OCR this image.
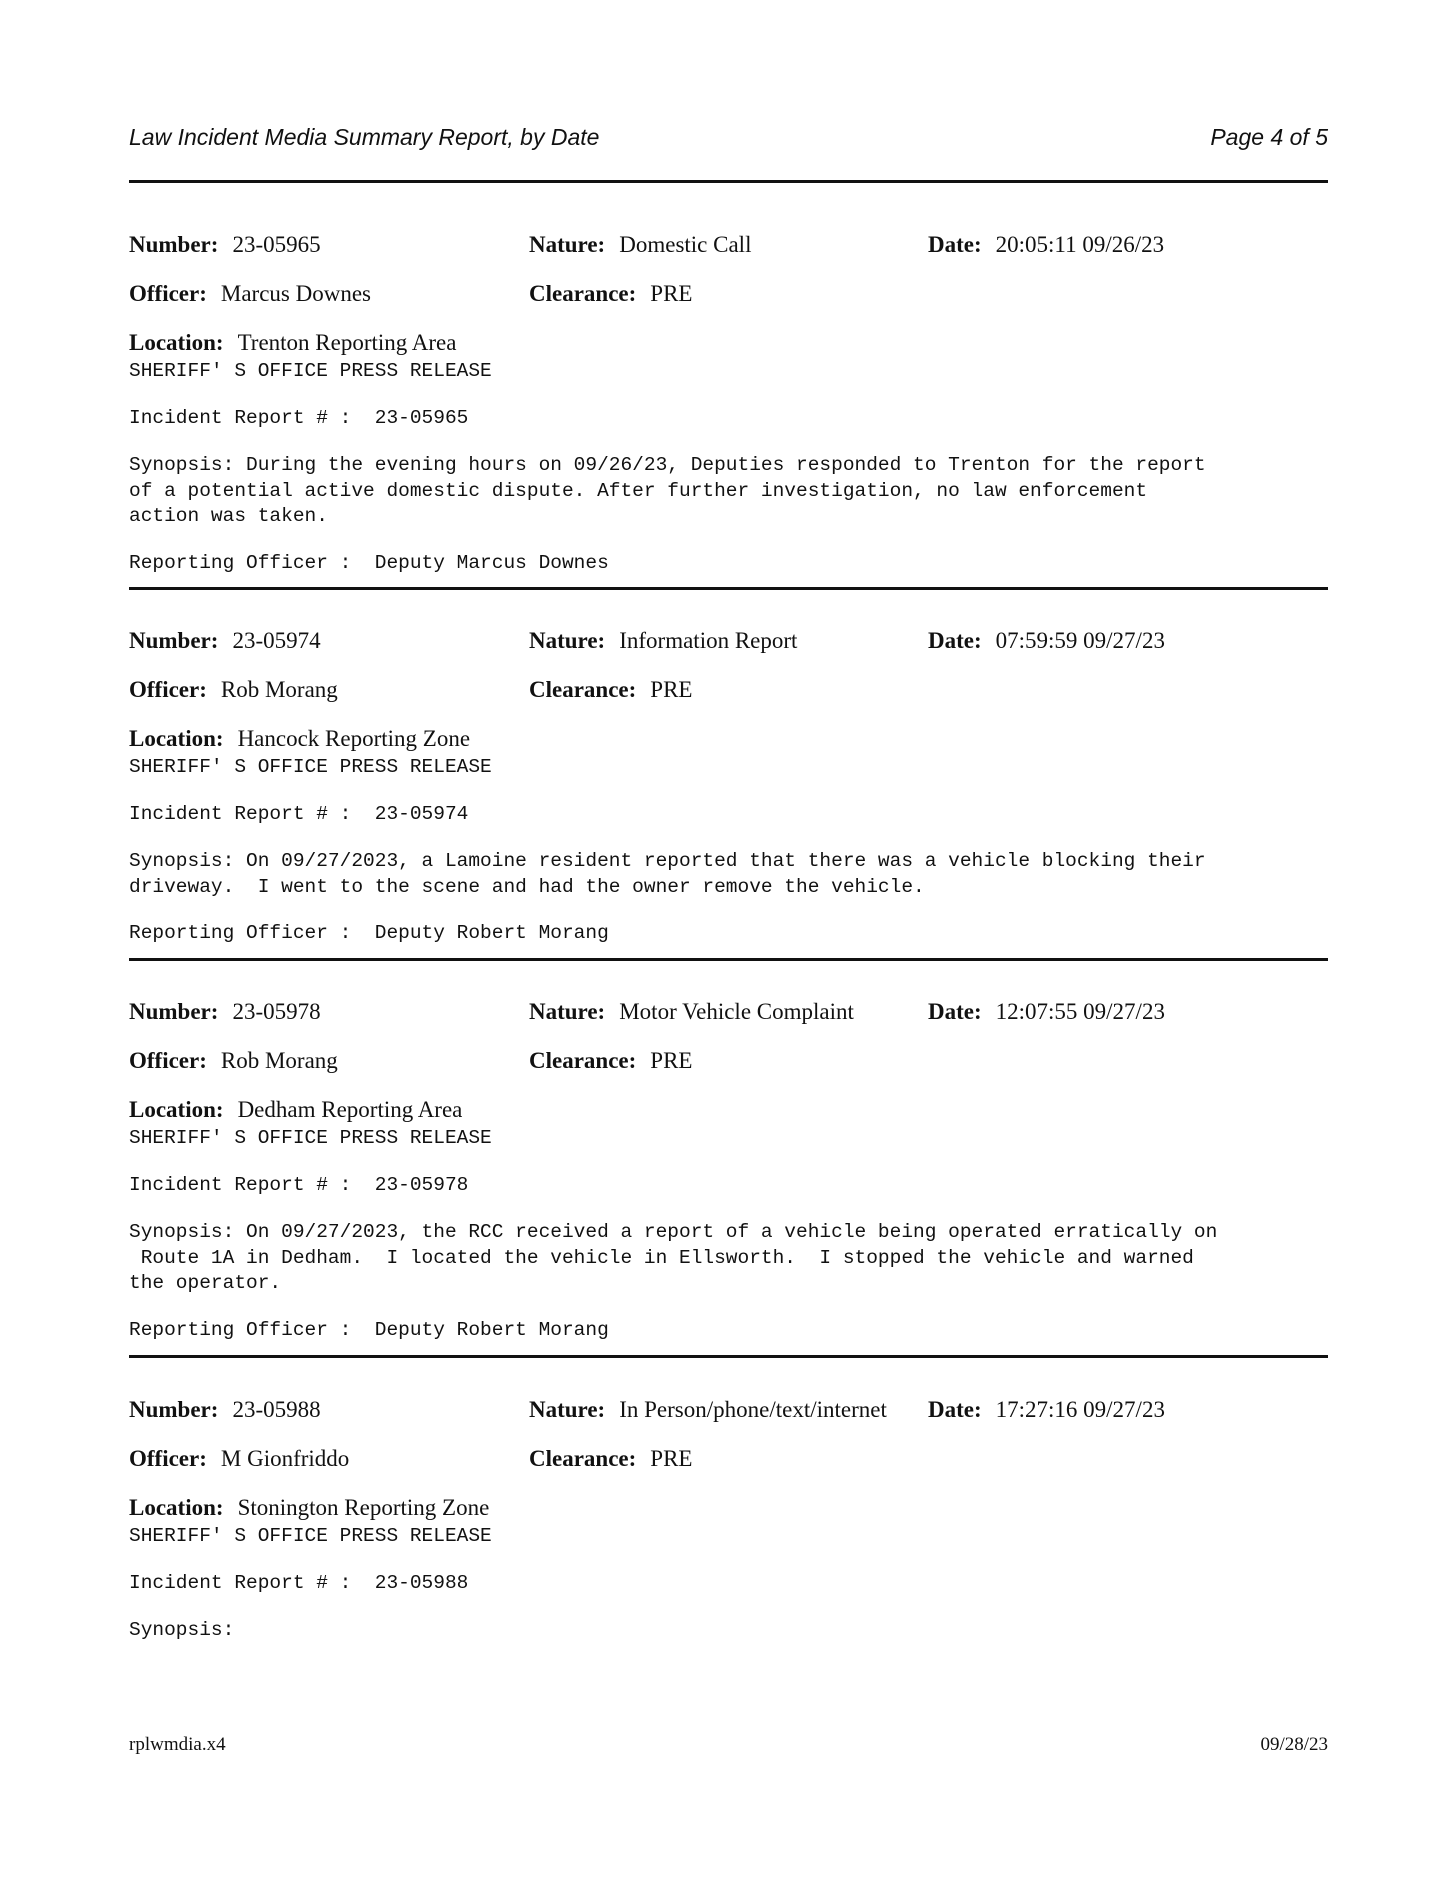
Law Incident Media Summary Report, by Date	Page 4 of 5
Number: 23-05965	Nature: Domestic Call	Date: 20:05:11 09/26/23
Officer: Marcus Downes	Clearance: PRE
Location: Trenton Reporting Area
SHERIFF' S OFFICE PRESS RELEASE
Incident Report # :  23-05965
Synopsis: During the evening hours on 09/26/23, Deputies responded to Trenton for the report
of a potential active domestic dispute. After further investigation, no law enforcement
action was taken.
Reporting Officer :  Deputy Marcus Downes
Number: 23-05974	Nature: Information Report	Date: 07:59:59 09/27/23
Officer: Rob Morang	Clearance: PRE
Location: Hancock Reporting Zone
SHERIFF' S OFFICE PRESS RELEASE
Incident Report # :  23-05974
Synopsis: On 09/27/2023, a Lamoine resident reported that there was a vehicle blocking their
driveway.  I went to the scene and had the owner remove the vehicle.
Reporting Officer :  Deputy Robert Morang
Number: 23-05978	Nature: Motor Vehicle Complaint	Date: 12:07:55 09/27/23
Officer: Rob Morang	Clearance: PRE
Location: Dedham Reporting Area
SHERIFF' S OFFICE PRESS RELEASE
Incident Report # :  23-05978
Synopsis: On 09/27/2023, the RCC received a report of a vehicle being operated erratically on
Route 1A in Dedham.  I located the vehicle in Ellsworth.  I stopped the vehicle and warned
the operator.
Reporting Officer :  Deputy Robert Morang
Number: 23-05988	Nature: In Person/phone/text/internet Date: 17:27:16 09/27/23
Officer: M Gionfriddo	Clearance: PRE
Location: Stonington Reporting Zone
SHERIFF' S OFFICE PRESS RELEASE
Incident Report # :  23-05988
Synopsis:
rplwmdia.x4	09/28/23
